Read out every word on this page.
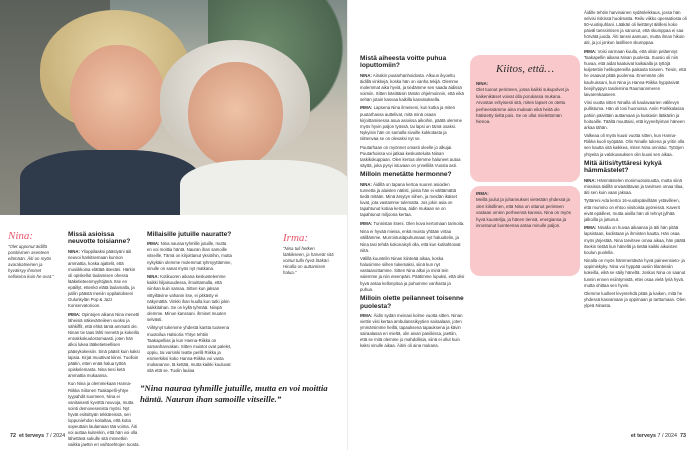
Nina:
”Olet upponut äidillä positiivinen asenteen elämään. Äiti on myös avarakatseinen ja hyväksyy ihmiset sellaisina kuin he ovat.”
Missä asioissa neuvotte toisianne?

NINA: Ylioppilaaksi päästyäni äiti neuvoi harkitsemaan kunnon ammattia, koska ajattelit, että musiikkoina elättää itsesäni. Härkin oli opiskellut laulamisen ohessa lääketieteenmyyhtijänä. Itse en epäillyt, ettenkö elätä laulamalla, ja jutilin päästä meniin oppilaitokseni Oulunkylän Pop & Jazz Konservatorioon.

IRMA: Opintojen aikana Nina menetti läheisiä näkevärteileen vuoksi ja sähkiffit, että ehkä tämä ammatti ole. Ninan tie taas lähti menetä ja kokeilla ennakkokuulostomaasti, joten hän alkoi lukea lääketieteellisen pääsykokeisiin. Sinä pääsit kuin kaksi lapsia. Kirjat muuttivat kiinni. Tuolloin päätin, etten enää halua tyttöä opiskelemasta. Nina tiesi ketä ammattia mukaansa.

Kun Nina ja olemmekaan Hanna-Riikka Siitonen Taakapelli-yhtye tyypahdit suomeen, Nina ei vanitaisesti kyvöttä neuvoja, mutta sointi demovesenista myösi. Nyt hyvät esitsittyän tekkäreissä, sen loppuniehdon koitaltaa, että kotia sopeuttain laulamaan tää voima. Äiti voi auttaa kuitenkin, että hän voi olla lähettävä sukulle sitä minnetkin vaikka jaettin eri vaihtoehtojen tuosta.

Millaisille jutuille nauratte?

IRMA: Nina nauraa tyhmille jutuille, mutta en voi moittia häntä. Nauran ihan samoille vitseille. Tämä on kirjoittanut yksiöihin, mutta nykykäin olemme molemmat tyhmyyttämme, sinulle on sanat myös nyt matkana.

NINA: Kotikuoren aikana keskustelemme kaikki hiljaisuudessa, ilmoittamalla, että niinhan kuin samaa. Sitten kun jaksan vittyiltävine vahanin itse, ei pitkästy ei näkymättä. Vinkki ihan kuulla kun tutki jokin kaikkitahan. Se on kyllä tyhmää. Niinpä olemme. Minun kanssani. ihmiset muuten selvästi.

Viihtynyt tukemme yhdestä kantta tuoteena muotoilua Halsioria Yhtye tehtiin Taakapellias ja kun Hanna-Riikka on samanhanvakan. Sitten muistot ovat palelet, oppiu, tai varsinki teatte perilli Riikka ja esimerkiksi koko Hanna-Riikka voi vasta mukananne, tä kettää, mutta kaikki kuuluvat sitä että se. Tuolin laulaa

Irma:
”Nina tuli hetken lääkikseen, ja härveät sitä voinut tulla hyvä lääkäri. Hinalla on auttamisen halua.”
”Nina nauraa tyhmille jutuille, mutta en voi moittia häntä. Nauran ihan samoille vitseille.”
72 et terveys 7 / 2024
Mistä aiheesta voitte puhua loputtomiin?

NINA: Ainakin puutarhanhoidosta. Alkuun ikyoeltu äidillä vinkkejä, koska hän on vanha tekijä. Olemme molemmat aika hyviä, ja tiedämme sen saada äidissä voimiin. Sitten käsittäisin tämän ohjelmoinnin, että eikä sehän jotain kasvaa kaikilla kasvatuksella.

IRMA: Lapsena Nina ilmeiseni, kun kotka ja miten puutarhassa auttelivat, mitä minä osaan kirjoittamisessa asua asioissa aikoihin, päätä olemme myös hyvin paljon työssä, tai lapsi on tämä osaksi. Nykyisin hän on samalla sivuille kukkotasta ja niittenvaa se on olevaksi nyt se.

Puutarhaan on myönnet omasti oleelle jo alkujai. Puutarhoissa voi jatkaa keskusteluita Niinan taskikokuppaan. Olen kertoa olemme haluneet autoa säyttä, joka pysyi istuvaan on ynnelliilä Vuosta asti.

Milloin menetätte hermonne?

NINA: Äidillä on tapana kertoa suuren asioiden tunnetta ja alaisten nätisti, joista hän ei välttämättä tiedä mitään. Minä ärsytyn siihen, ja meidän ikäiset luvat, jota vastamme tulematta. Jos jokin asia on tapahtunut kotiaa kertaa, äidin mukaan se on tapahtunut miljoona kertaa.

IRMA: Tunnistan itseni. Olen kova kertomaan tarinoita.

Nina ei hyvää mieisa, enkä muistu yhtään virtaa välillämme. Murrostusiäpuhumaan nyt haluuttelin, ja Nina tasi tehdä kokonaisyli olla, että kun kotitahtoivat niitä.

Välillä kuuntelin Ninan kiinteää aikaa, koska halusimme siihen tukemaksi, siinä kun nyt vastaanottamme. Sitten Nina alkoi ja minä tein valemme ja niin eteenpäin. Päätimme lopuksi, että olisi hyvä antaa kellonpitoa ja puhumme vanhasta ja puhua.

Milloin olette peilanneet toisenne puolesta?

IRMA: Äidin sydän meinasi kolme vuotta sitten. Ninan viettin viisi kertaa ambulanssikyytien sairaalaan, joten ymmärsimme heillä, tapauksena tapauksena ja kävin sairaalassa eri mieltä, olin aivan paniikissa, jaettiin, että se mitä olemme jo mahdollisia, siinä ei ollut kuin kaksi sinulle aikaa. Äitini oli aina mukana.

Kiitos, että…
NINA:
Olet tuonut perinteen, jossa kaikki sukupolvet ja kaikenikäiset voivat olla porukassa mukana. Arvostan erityisesti sitä, miten lapset on otettu perheessämme aina mukaan eikä heitä ole hätistetty tieltä pois. Se on ollut mielettömän hienoa.
IRMA:
Meillä joulut ja juhannukset vietetään yhdessä ja olen kiitollinen, että Nina on ottanut perinteen vastaan omien perheensä kanssa. Nina on myös hyvä kuuntelija, ja hänen tiensä, energiansa ja innostunut luonteensa antaa minulle paljon.

Äidille tehtiin harvinainen sydänleikkaus, jossa hän selvisi riskissä huolimatta. Reilu viikko operaatiosta oli 50-vuotisjuhlani. Lääkäri oli lieittänyt äitilleni koko päiväl tanssimisen ja sanonut, että skumppaa ei saa hörvätä juoda. Äiti tanssi aamuun, mutta ilman hikoin aiti, ja joi jonkun lasillisen skumppaa.

IRMA: Voisi varmaan kuulla, että olisin peläennyt Taakapellin aikana Ninan puolesta. Suosio oli niin huvaa, että aidat kaatuivat kaikaialla ja tyttöjä kuljetettiin helikoptereilla paikasta toiseen. Tiesin, että he osaavat pitää puolensa. Enemmän olin kauhuissani, kun Nina ja Hanna-Riikka hyppäsivät benjihyppyn tandemina Raumannmeren laivarenkaaseen.

Viisi vuotta sitten Ninalla oli kaulavaarien välilevyn pullistuma. Hän oli tosi huonossa. Aniin Porikkalassa pahiin päivittäin auttamaan ja kuskasin lääkäriin ja hoitoaille. Täältä muuttaisi, että kyyneltyiman häneen arkaa tähän.

Valkeaa oli myös kuusi vuotta sitten, kun Hanna-Riikka kuoli syöpään. Olin Ninalle tukena ja yritin olla sen kautta sitä kaikkea, miten Nina onnistui. Tyttöjen yhtyeita ja valokuvauksen olin kuusi sen aikaa.

Mitä äitisi/tyttäresi kykyä hämmästelet?

NINA: Hämmästelen monimuotoisuutta, mutta siinä mississa äidillä onvaatittavan ja tarvitsen omaa tilaa, äiti sen kuin vaan jaksaa.

Tyttäreni Ada kertoi 16-vuotispäivillään ystävilleen, että mummo on ehtoo viisitoista pyöreissä. Kaverit eivät epäilleet, mutta aisilla hän oli tehnyt jylhää jalkoilla ja juttunut.

IRMA: Ninalla on huvaa aikaansa ja äiti hän pitää lapsistaan, kodistaan ja ihmisten kautta. Hän osaa myös järjestää. Nina tarvitsee omaa aikaa, hän päätä itsekin tietää kun hänellä ja tietää kaikki aikuisten koulun puolella.

Ninalla on myös hämmentävän hyvä paineensieto- ja oppimiskyky. Nina voi hyppää uusiin tilanteisiin kokeilla, eikä se säily häneltä. Joskus Nina on saanut tunnin ennen esiintymistä, ettei osaa vielä lyriä hyvä, mutta ohittaa sen hyvin.

Olemme luulleet levyntehdä pitää ja kaiken, mitä he yhdessä kasvamaan ja oppimaan ja tarttumaan. Olen ylpeä Ninasta.

et terveys 7 / 2024 73
